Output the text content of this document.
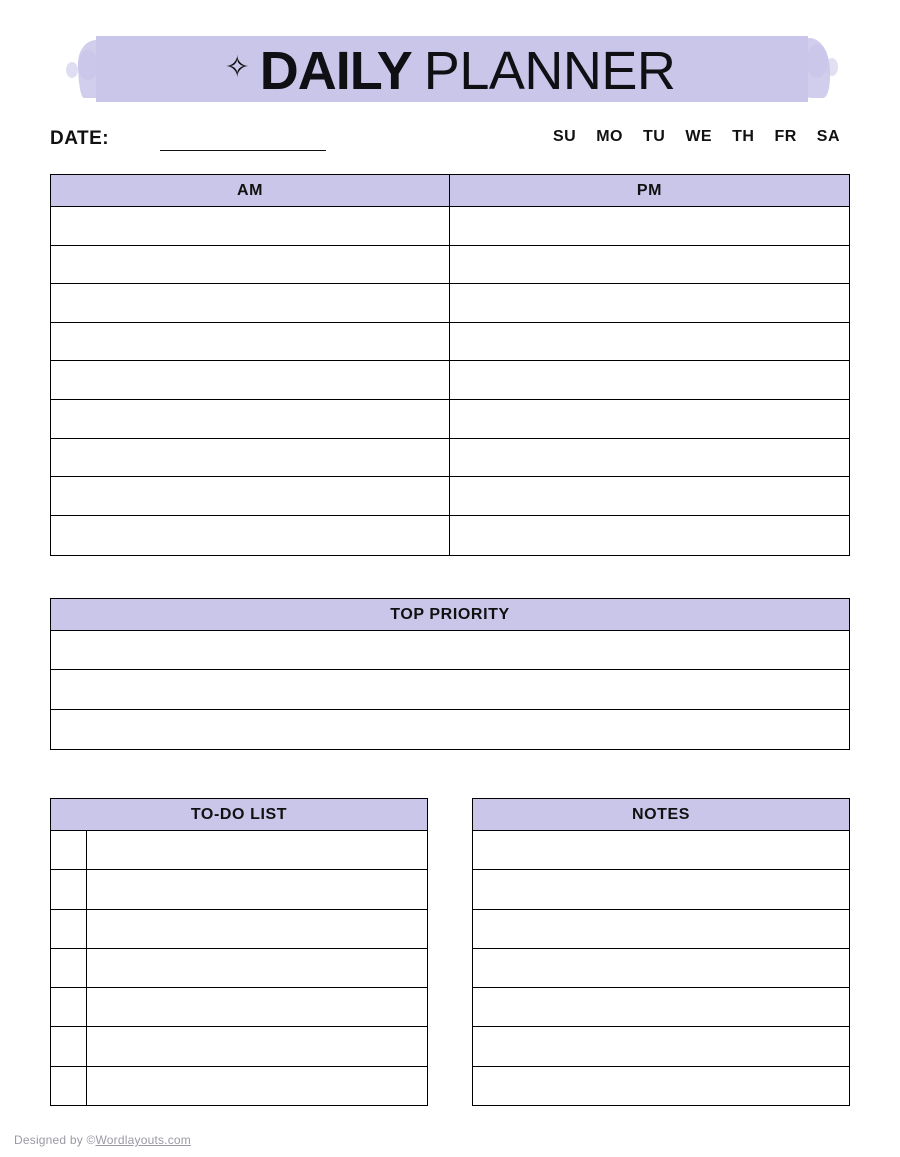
✧ DAILY PLANNER
DATE:	SU MO TU WE TH FR SA
AM	PM
TOP PRIORITY
TO-DO LIST	NOTES
Designed by ©Wordlayouts.com
